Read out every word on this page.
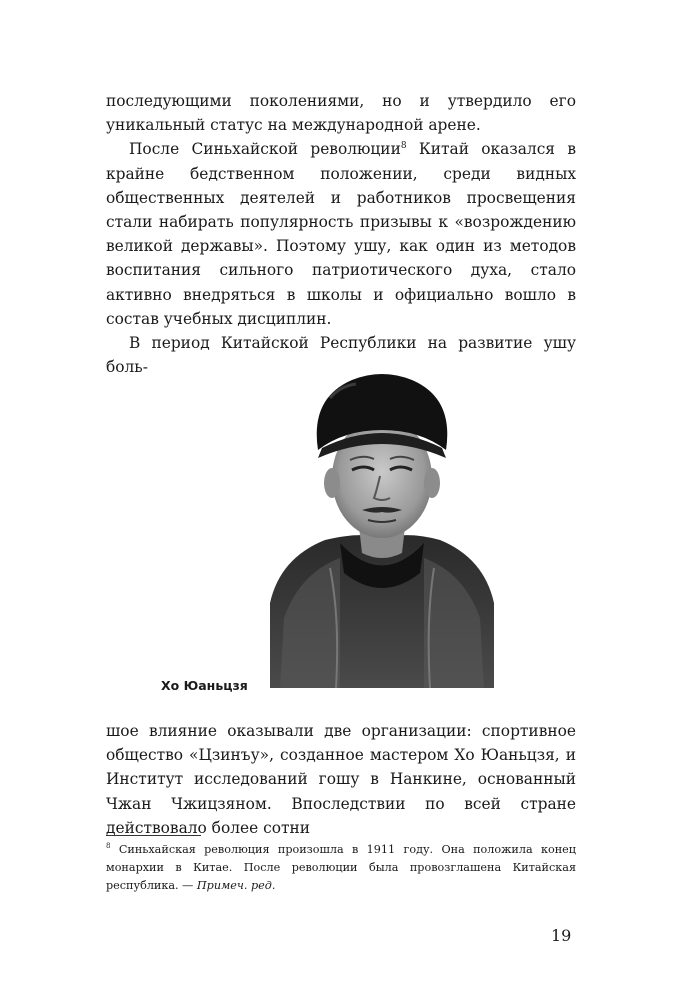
последующими поколениями, но и утвердило его уникальный статус на международной арене.

После Синьхайской революции$^8$ Китай оказался в крайне бедственном положении, среди видных общественных деятелей и работников просвещения стали набирать популярность призывы к «возрождению великой державы». Поэтому ушу, как один из методов воспитания сильного патриотического духа, стало активно внедряться в школы и официально вошло в состав учебных дисциплин.

В период Китайской Республики на развитие ушу боль-

Хо Юаньцзя

шое влияние оказывали две организации: спортивное общество «Цзинъу», созданное мастером Хо Юаньцзя, и Институт исследований гошу в Нанкине, основанный Чжан Чжицзяном. Впоследствии по всей стране действовало более сотни

$^8$ Синьхайская революция произошла в 1911 году. Она положила конец монархии в Китае. После революции была провозглашена Китайская республика. — Примеч. ред.
19
